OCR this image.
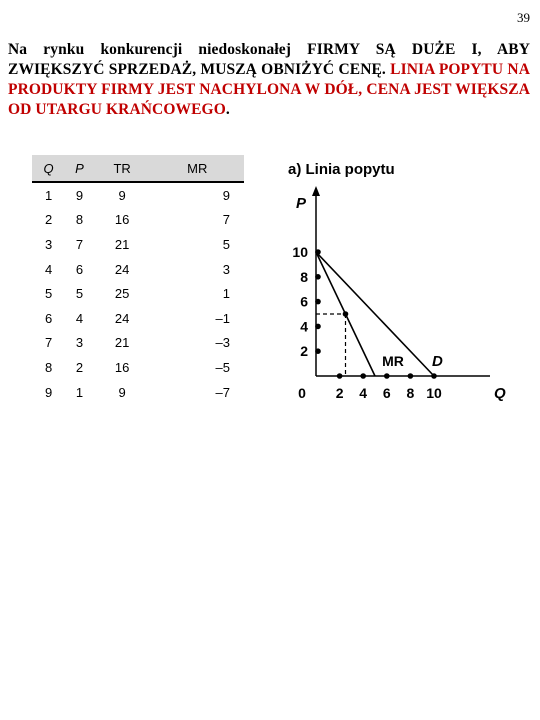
39
Na rynku konkurencji niedoskonałej FIRMY SĄ DUŻE I, ABY ZWIĘKSZYĆ SPRZEDAŻ, MUSZĄ OBNIŻYĆ CENĘ. LINIA POPYTU NA PRODUKTY FIRMY JEST NACHYLONA W DÓŁ, CENA JEST WIĘKSZA OD UTARGU KRAŃCOWEGO.
Q	P	TR	MR
1	9	9	9
2	8	16	7
3	7	21	5
4	6	24	3
5	5	25	1
6	4	24	–1
7	3	21	–3
8	2	16	–5
9	1	9	–7
a) Linia popytu
P
Q
2
4
6
8
10
0 2 4 6 8 10
MR D
